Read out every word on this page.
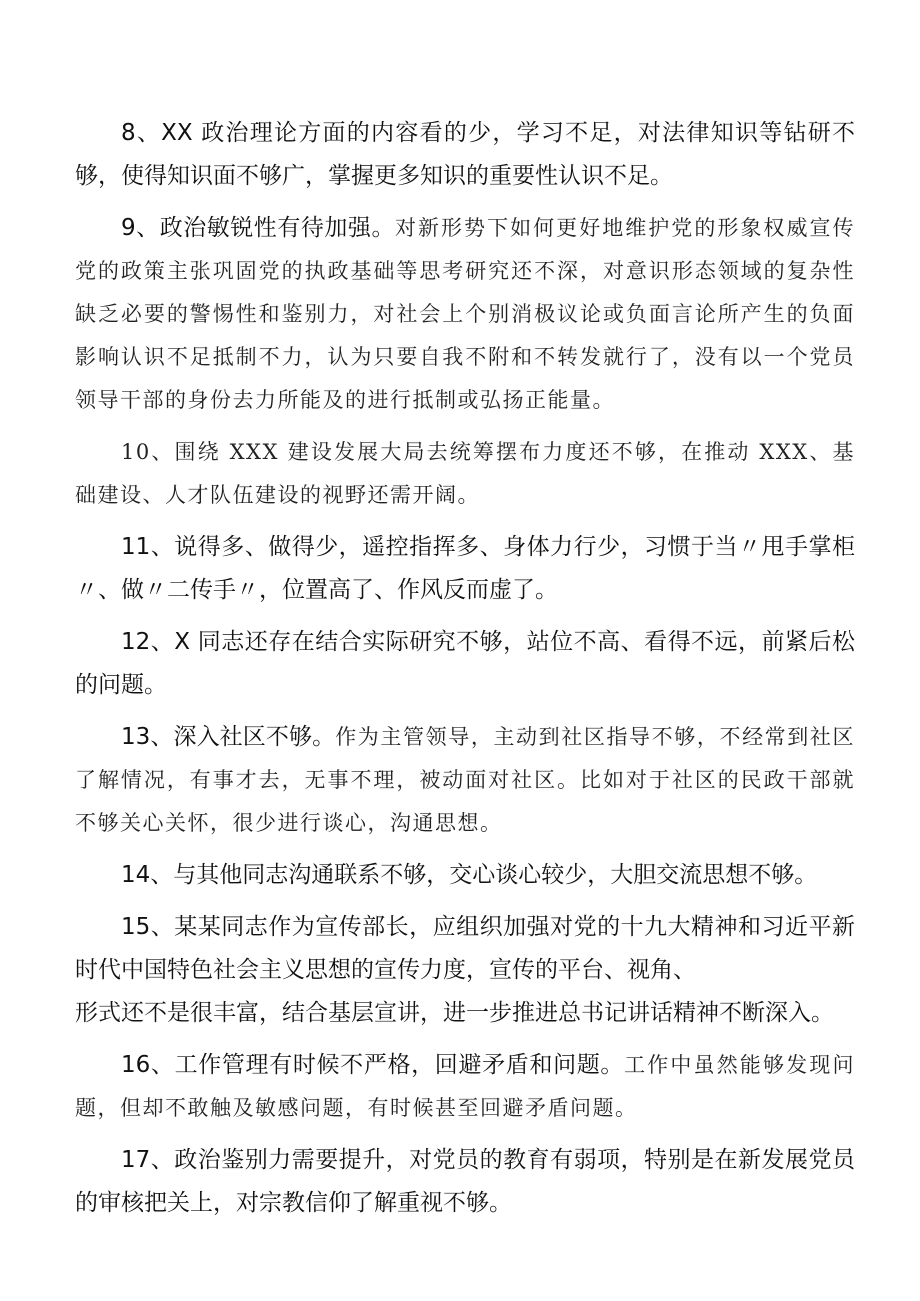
8、XX 政治理论方面的内容看的少，学习不足，对法律知识等钻研不够，使得知识面不够广，掌握更多知识的重要性认识不足。

9、政治敏锐性有待加强。对新形势下如何更好地维护党的形象权威宣传党的政策主张巩固党的执政基础等思考研究还不深，对意识形态领域的复杂性缺乏必要的警惕性和鉴别力，对社会上个别消极议论或负面言论所产生的负面影响认识不足抵制不力，认为只要自我不附和不转发就行了，没有以一个党员领导干部的身份去力所能及的进行抵制或弘扬正能量。

10、围绕 XXX 建设发展大局去统筹摆布力度还不够，在推动 XXX、基础建设、人才队伍建设的视野还需开阔。

11、说得多、做得少，遥控指挥多、身体力行少，习惯于当〃甩手掌柜〃、做〃二传手〃，位置高了、作风反而虚了。

12、X 同志还存在结合实际研究不够，站位不高、看得不远，前紧后松的问题。

13、深入社区不够。作为主管领导，主动到社区指导不够，不经常到社区了解情况，有事才去，无事不理，被动面对社区。比如对于社区的民政干部就不够关心关怀，很少进行谈心，沟通思想。

14、与其他同志沟通联系不够，交心谈心较少，大胆交流思想不够。

15、某某同志作为宣传部长，应组织加强对党的十九大精神和习近平新时代中国特色社会主义思想的宣传力度，宣传的平台、视角、
形式还不是很丰富，结合基层宣讲，进一步推进总书记讲话精神不断深入。

16、工作管理有时候不严格，回避矛盾和问题。工作中虽然能够发现问题，但却不敢触及敏感问题，有时候甚至回避矛盾问题。

17、政治鉴别力需要提升，对党员的教育有弱项，特别是在新发展党员的审核把关上，对宗教信仰了解重视不够。
